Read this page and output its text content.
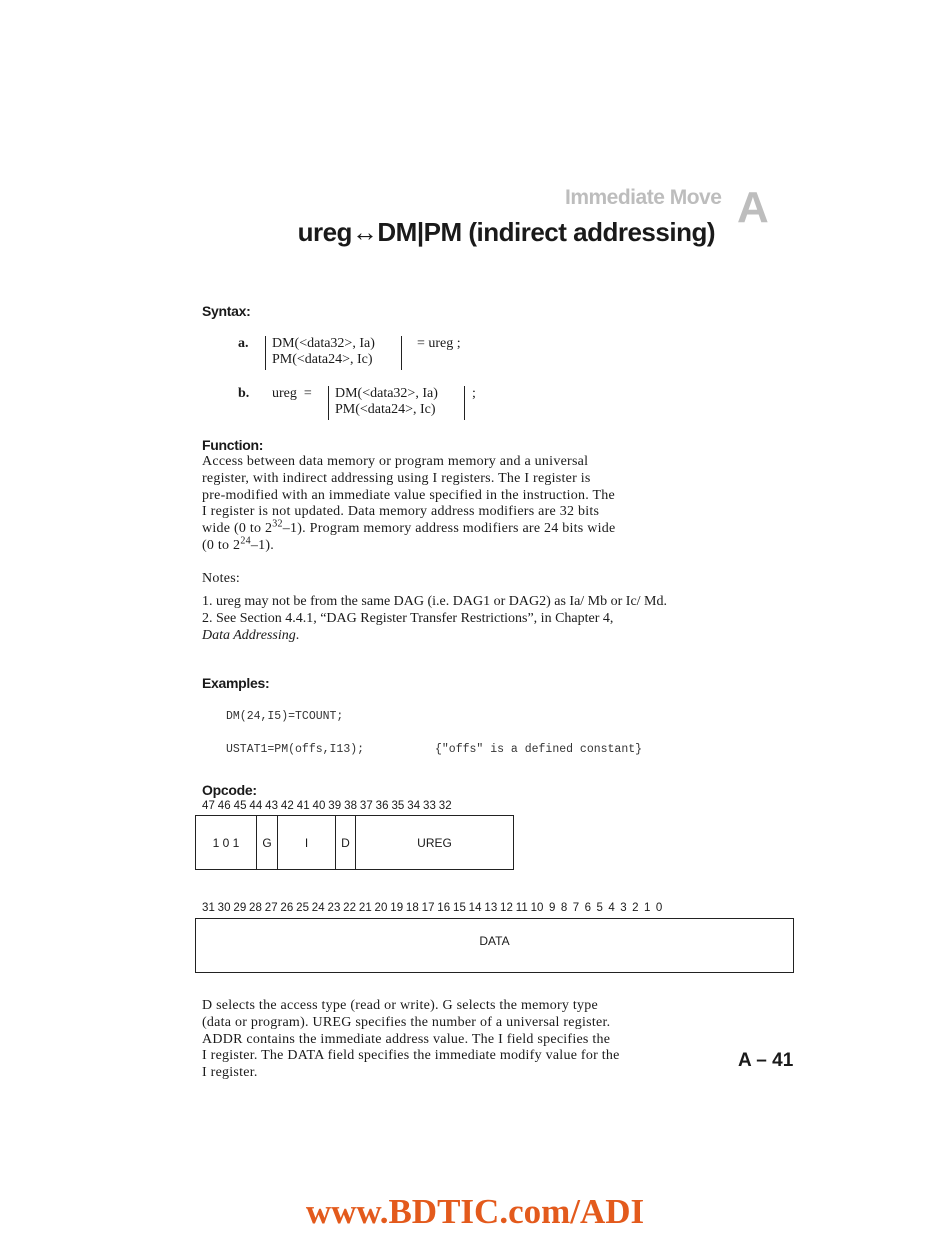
Immediate Move A
ureg↔DM|PM (indirect addressing)
Syntax:
a. DM(<data32>, Ia)
PM(<data24>, Ic)
= ureg ;
b. ureg  = DM(<data32>, Ia)
PM(<data24>, Ic)
;
Function:
Access between data memory or program memory and a universal
register, with indirect addressing using I registers. The I register is
pre-modified with an immediate value specified in the instruction. The
I register is not updated. Data memory address modifiers are 32 bits
wide (0 to $2^{32}-1$). Program memory address modifiers are 24 bits wide
(0 to $2^{24}-1$).
Notes:
1. ureg may not be from the same DAG (i.e. DAG1 or DAG2) as Ia/ Mb or Ic/ Md.
2. See Section 4.4.1, “DAG Register Transfer Restrictions”, in Chapter 4,
Data Addressing.
Examples:
DM(24,I5)=TCOUNT;
USTAT1=PM(offs,I13);	{"offs" is a defined constant}
Opcode:
47 46 45 44 43 42 41 40 39 38 37 36 35 34 33 32
1 0 1	G	I	D	UREG
31 30 29 28 27 26 25 24 23 22 21 20 19 18 17 16 15 14 13 12 11 10  9  8  7  6  5  4  3  2  1  0
DATA
D selects the access type (read or write). G selects the memory type
(data or program). UREG specifies the number of a universal register.
ADDR contains the immediate address value. The I field specifies the
I register. The DATA field specifies the immediate modify value for the
I register.
A – 41
www.BDTIC.com/ADI
